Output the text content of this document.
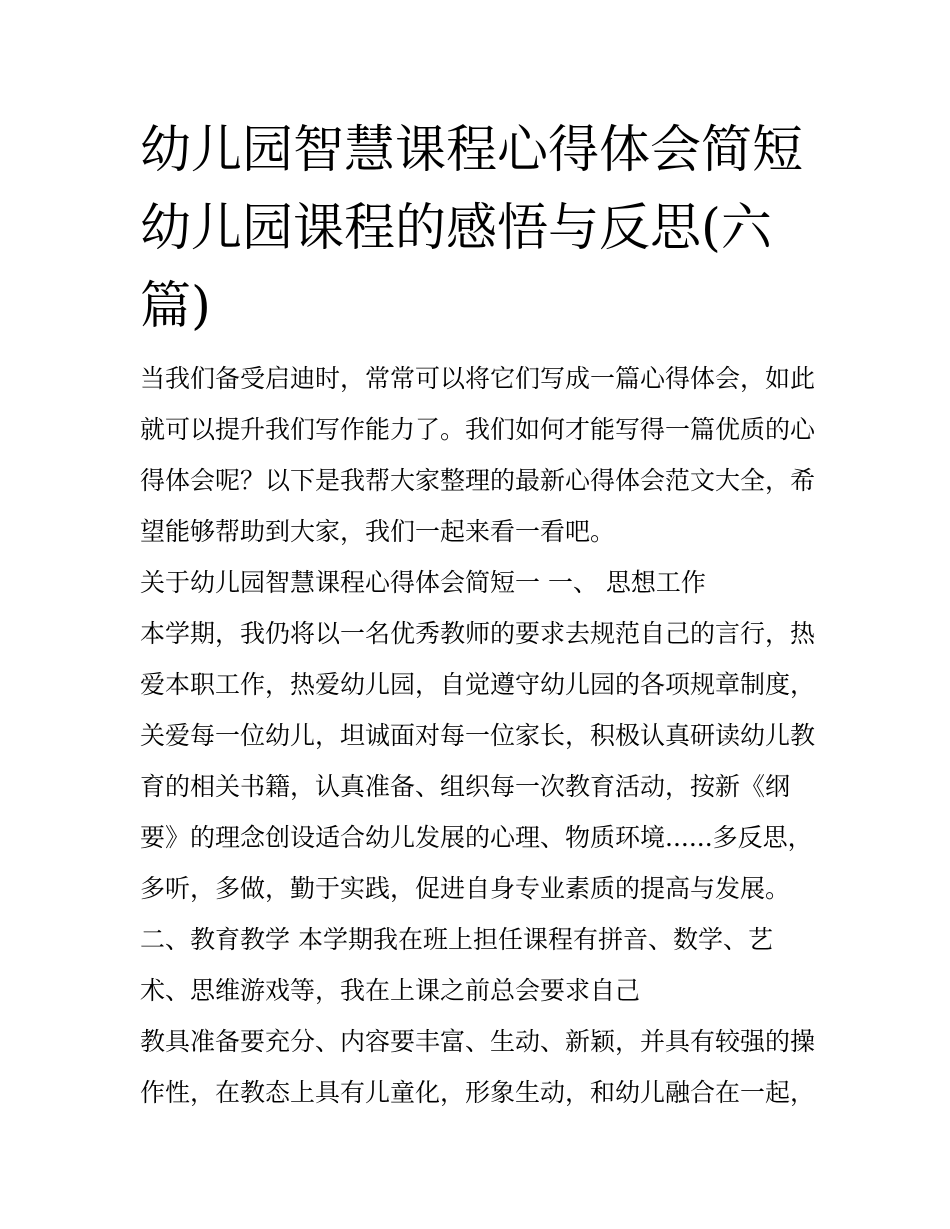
幼儿园智慧课程心得体会简短幼儿园课程的感悟与反思(六篇)
当我们备受启迪时，常常可以将它们写成一篇心得体会，如此
就可以提升我们写作能力了。我们如何才能写得一篇优质的心
得体会呢？以下是我帮大家整理的最新心得体会范文大全，希
望能够帮助到大家，我们一起来看一看吧。
关于幼儿园智慧课程心得体会简短一 一、 思想工作
本学期，我仍将以一名优秀教师的要求去规范自己的言行，热
爱本职工作，热爱幼儿园，自觉遵守幼儿园的各项规章制度，
关爱每一位幼儿，坦诚面对每一位家长，积极认真研读幼儿教
育的相关书籍，认真准备、组织每一次教育活动，按新《纲
要》的理念创设适合幼儿发展的心理、物质环境......多反思，
多听，多做，勤于实践，促进自身专业素质的提高与发展。
二、教育教学 本学期我在班上担任课程有拼音、数学、艺
术、思维游戏等，我在上课之前总会要求自己
教具准备要充分、内容要丰富、生动、新颖，并具有较强的操
作性，在教态上具有儿童化，形象生动，和幼儿融合在一起，
